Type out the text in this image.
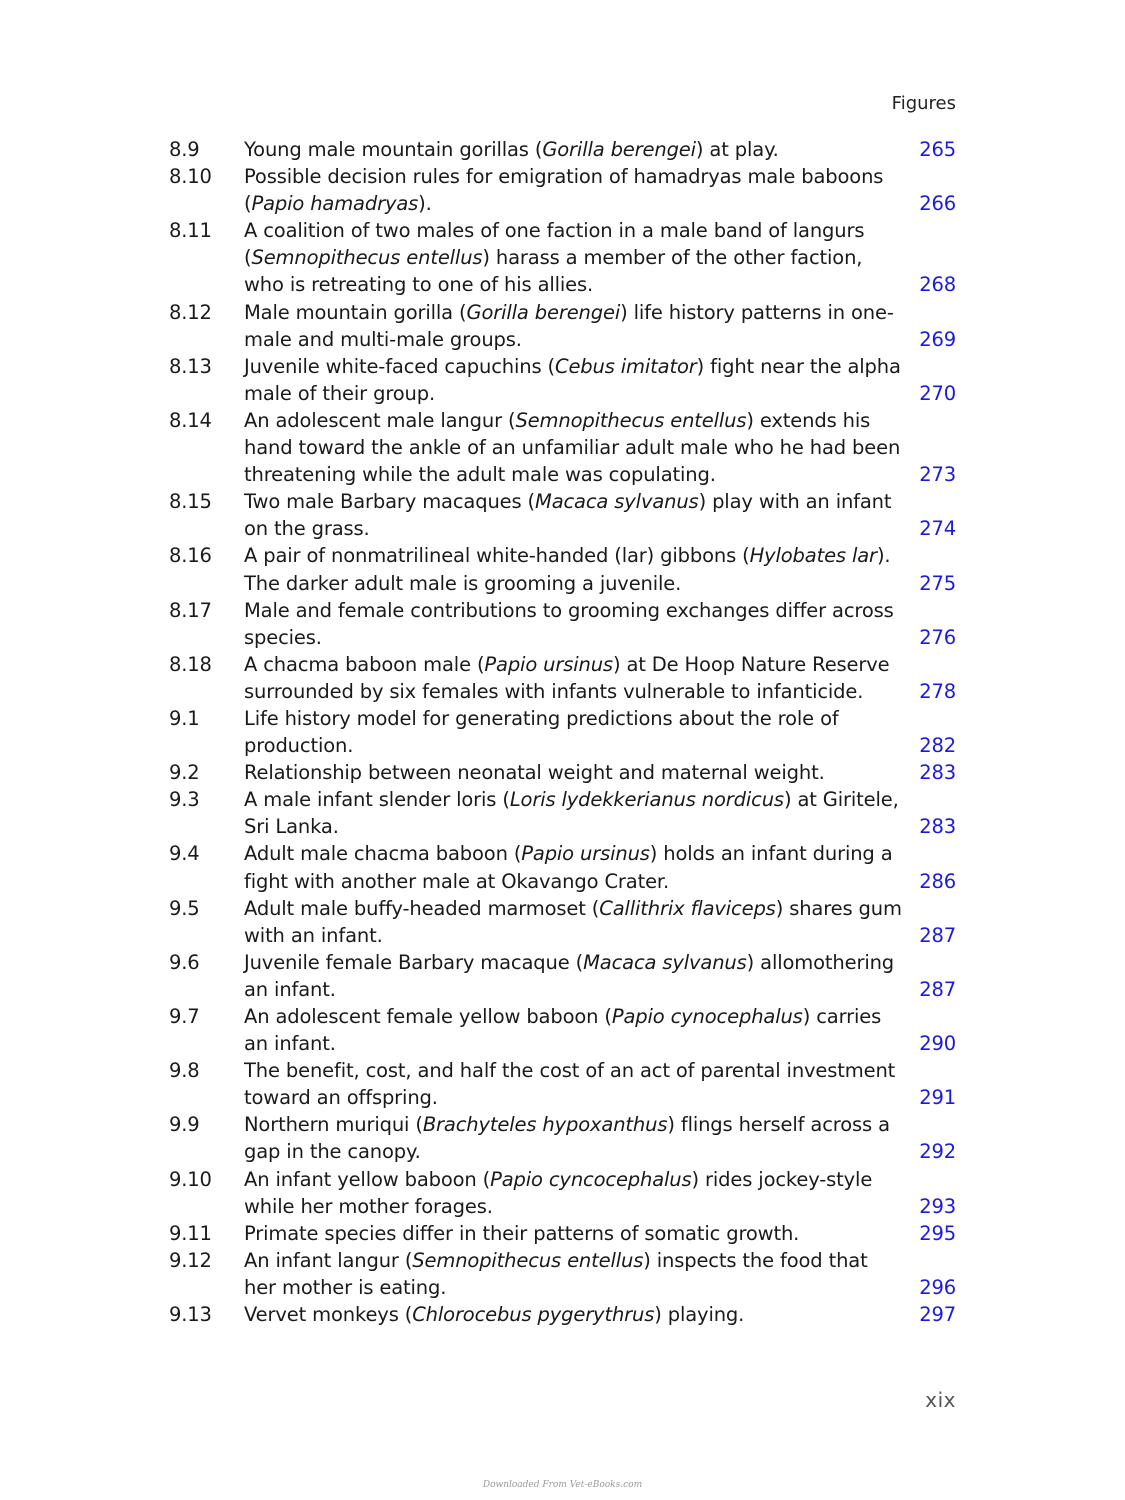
Figures
8.9	Young male mountain gorillas (Gorilla berengei) at play.	265
8.10	Possible decision rules for emigration of hamadryas male baboons (Papio hamadryas).	266
8.11	A coalition of two males of one faction in a male band of langurs (Semnopithecus entellus) harass a member of the other faction, who is retreating to one of his allies.	268
8.12	Male mountain gorilla (Gorilla berengei) life history patterns in one-male and multi-male groups.	269
8.13	Juvenile white-faced capuchins (Cebus imitator) fight near the alpha male of their group.	270
8.14	An adolescent male langur (Semnopithecus entellus) extends his hand toward the ankle of an unfamiliar adult male who he had been threatening while the adult male was copulating.	273
8.15	Two male Barbary macaques (Macaca sylvanus) play with an infant on the grass.	274
8.16	A pair of nonmatrilineal white-handed (lar) gibbons (Hylobates lar). The darker adult male is grooming a juvenile.	275
8.17	Male and female contributions to grooming exchanges differ across species.	276
8.18	A chacma baboon male (Papio ursinus) at De Hoop Nature Reserve surrounded by six females with infants vulnerable to infanticide.	278
9.1	Life history model for generating predictions about the role of production.	282
9.2	Relationship between neonatal weight and maternal weight.	283
9.3	A male infant slender loris (Loris lydekkerianus nordicus) at Giritele, Sri Lanka.	283
9.4	Adult male chacma baboon (Papio ursinus) holds an infant during a fight with another male at Okavango Crater.	286
9.5	Adult male buffy-headed marmoset (Callithrix flaviceps) shares gum with an infant.	287
9.6	Juvenile female Barbary macaque (Macaca sylvanus) allomothering an infant.	287
9.7	An adolescent female yellow baboon (Papio cynocephalus) carries an infant.	290
9.8	The benefit, cost, and half the cost of an act of parental investment toward an offspring.	291
9.9	Northern muriqui (Brachyteles hypoxanthus) flings herself across a gap in the canopy.	292
9.10	An infant yellow baboon (Papio cyncocephalus) rides jockey-style while her mother forages.	293
9.11	Primate species differ in their patterns of somatic growth.	295
9.12	An infant langur (Semnopithecus entellus) inspects the food that her mother is eating.	296
9.13	Vervet monkeys (Chlorocebus pygerythrus) playing.	297
xix
Downloaded From Vet-eBooks.com
